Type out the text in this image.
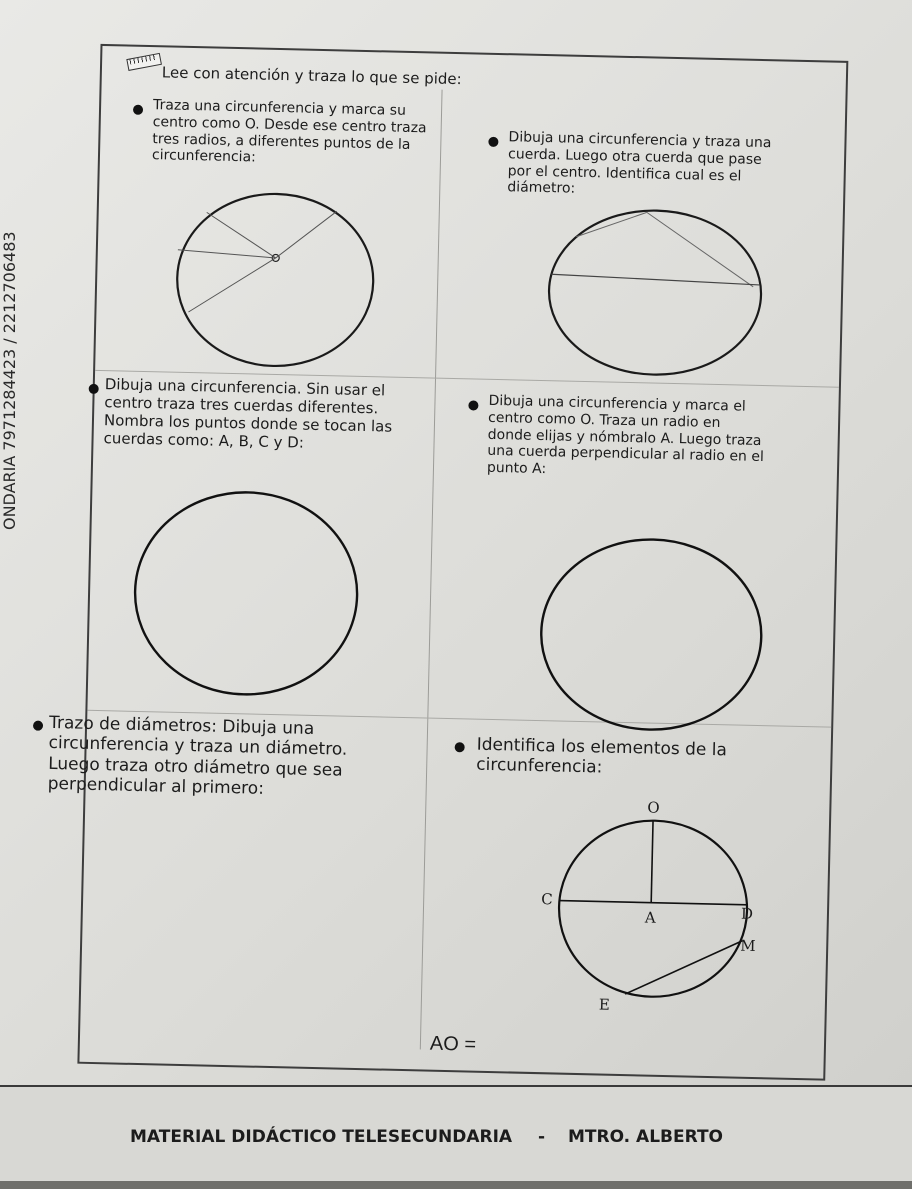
Lee con atención y traza lo que se pide:
Traza una circunferencia y marca su
centro como O. Desde ese centro traza
tres radios, a diferentes puntos de la
circunferencia:
Dibuja una circunferencia y traza una
cuerda. Luego otra cuerda que pase
por el centro. Identifica cual es el
diámetro:
Dibuja una circunferencia. Sin usar el
centro traza tres cuerdas diferentes.
Nombra los puntos donde se tocan las
cuerdas como: A, B, C y D:
Dibuja una circunferencia y marca el
centro como O. Traza un radio en
donde elijas y nómbralo A. Luego traza
una cuerda perpendicular al radio en el
punto A:
Trazo de diámetros: Dibuja una
circunferencia y traza un diámetro.
Luego traza otro diámetro que sea
perpendicular al primero:
Identifica los elementos de la
circunferencia:
O
C
A	D
M
E
AO =
ONDARIA 7971284423 / 2212706483
MATERIAL DIDÁCTICO TELESECUNDARIA - MTRO. ALBERTO
